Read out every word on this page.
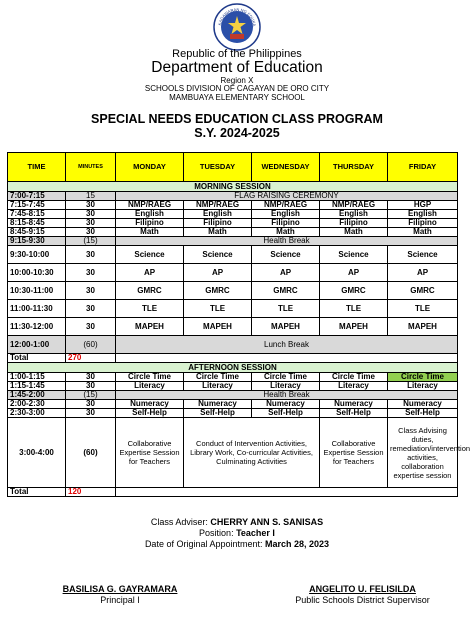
KAGAWARAN NG EDUKA
Republic of the Philippines
Department of Education
Region X
SCHOOLS DIVISION OF CAGAYAN DE ORO CITY
MAMBUAYA ELEMENTARY SCHOOL
SPECIAL NEEDS EDUCATION CLASS PROGRAM
S.Y. 2024-2025
TIME	MINUTES	MONDAY	TUESDAY	WEDNESDAY	THURSDAY	FRIDAY
MORNING SESSION						
7:00-7:15	15	FLAG RAISING CEREMONY				
7:15-7:45	30	NMP/RAEG	NMP/RAEG	NMP/RAEG	NMP/RAEG	HGP
7:45-8:15	30	English	English	English	English	English
8:15-8:45	30	Filipino	Filipino	Filipino	Filipino	Filipino
8:45-9:15	30	Math	Math	Math	Math	Math
9:15-9:30	(15)	Health Break				
9:30-10:00	30	Science	Science	Science	Science	Science
10:00-10:30	30	AP	AP	AP	AP	AP
10:30-11:00	30	GMRC	GMRC	GMRC	GMRC	GMRC
11:00-11:30	30	TLE	TLE	TLE	TLE	TLE
11:30-12:00	30	MAPEH	MAPEH	MAPEH	MAPEH	MAPEH
12:00-1:00	(60)	Lunch Break				
Total	270					
AFTERNOON SESSION						
1:00-1:15	30	Circle Time	Circle Time	Circle Time	Circle Time	Circle Time
1:15-1:45	30	Literacy	Literacy	Literacy	Literacy	Literacy
1:45-2:00	(15)	Health Break				
2:00-2:30	30	Numeracy	Numeracy	Numeracy	Numeracy	Numeracy
2:30-3:00	30	Self-Help	Self-Help	Self-Help	Self-Help	Self-Help
3:00-4:00	(60)	Collaborative Expertise Session for Teachers	Conduct of Intervention Activities, Library Work, Co-curricular Activities, Culminating Activities		Collaborative Expertise Session for Teachers	Class Advising duties, remediation/intervention activities, collaboration expertise session
Total	120					
Class Adviser: CHERRY ANN S. SANISAS
Position: Teacher I
Date of Original Appointment: March 28, 2023
BASILISA G. GAYRAMARA
Principal I
ANGELITO U. FELISILDA
Public Schools District Supervisor
